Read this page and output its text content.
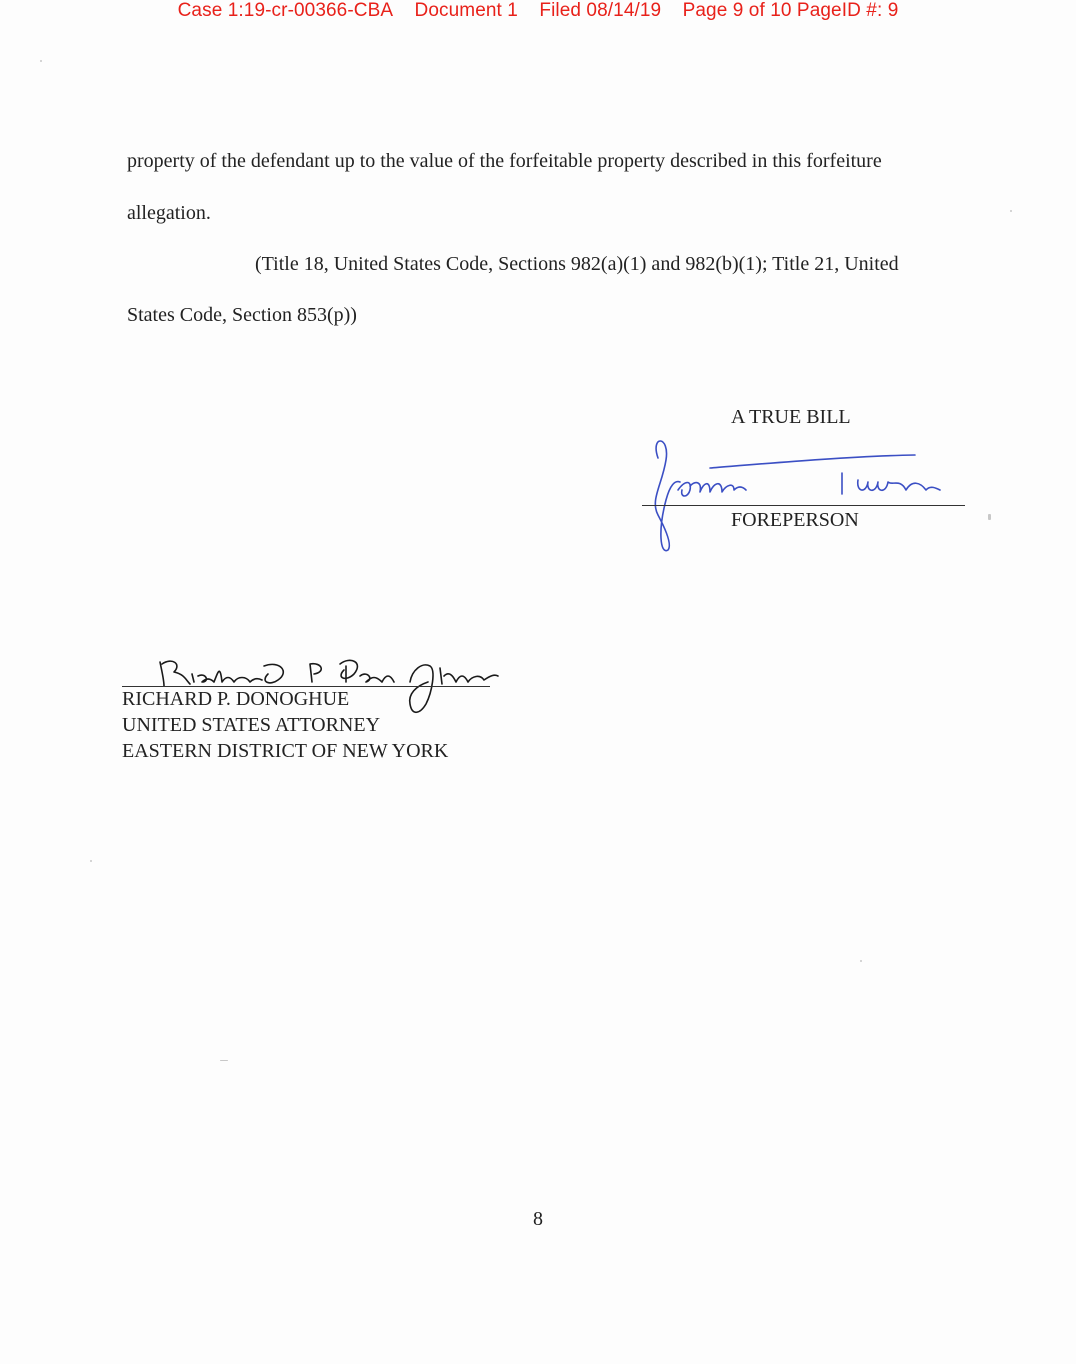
Case 1:19-cr-00366-CBA Document 1 Filed 08/14/19 Page 9 of 10 PageID #: 9
property of the defendant up to the value of the forfeitable property described in this forfeiture
allegation.
(Title 18, United States Code, Sections 982(a)(1) and 982(b)(1); Title 21, United
States Code, Section 853(p))
A TRUE BILL
FOREPERSON
RICHARD P. DONOGHUE
UNITED STATES ATTORNEY
EASTERN DISTRICT OF NEW YORK
8
